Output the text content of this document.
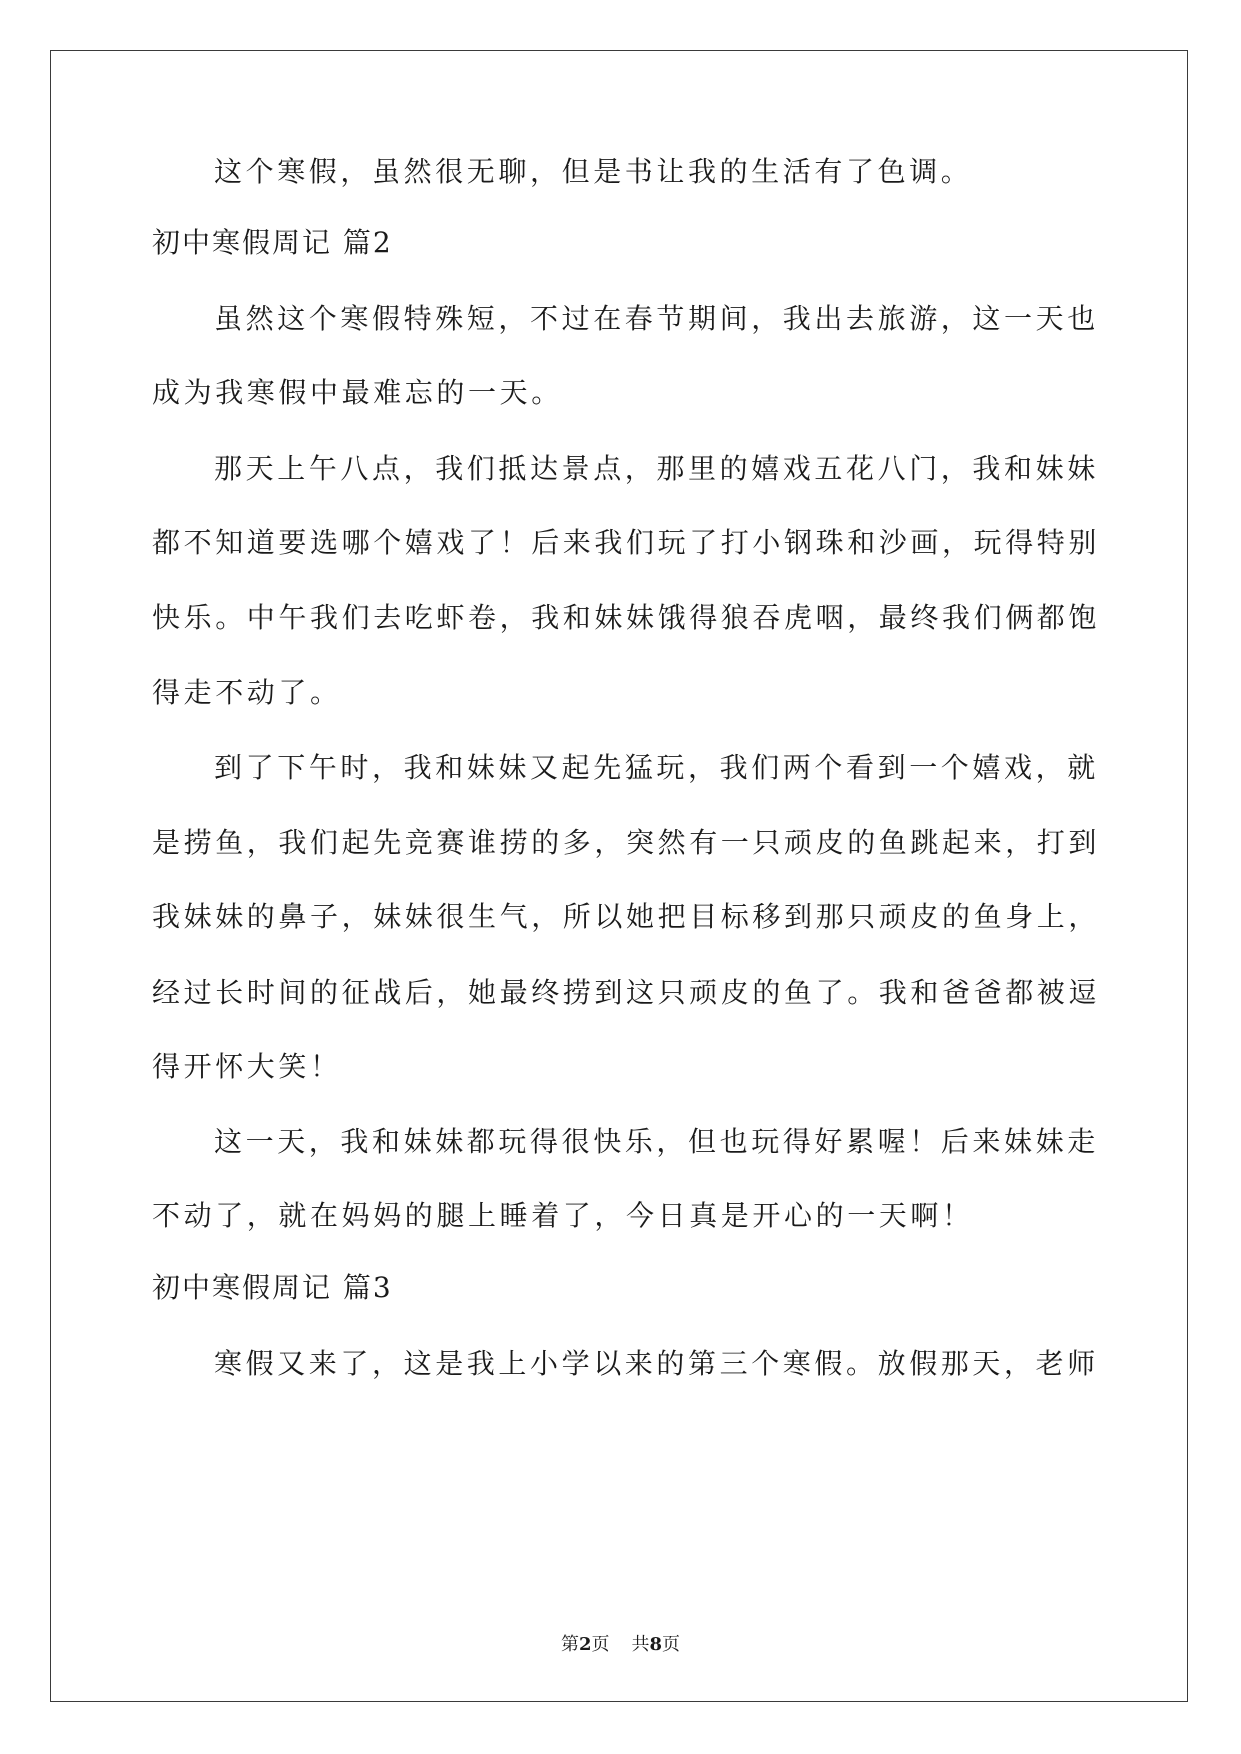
这个寒假，虽然很无聊，但是书让我的生活有了色调。

初中寒假周记 篇2

虽然这个寒假特殊短，不过在春节期间，我出去旅游，这一天也

成为我寒假中最难忘的一天。

那天上午八点，我们抵达景点，那里的嬉戏五花八门，我和妹妹

都不知道要选哪个嬉戏了！后来我们玩了打小钢珠和沙画，玩得特别

快乐。中午我们去吃虾卷，我和妹妹饿得狼吞虎咽，最终我们俩都饱

得走不动了。

到了下午时，我和妹妹又起先猛玩，我们两个看到一个嬉戏，就

是捞鱼，我们起先竞赛谁捞的多，突然有一只顽皮的鱼跳起来，打到

我妹妹的鼻子，妹妹很生气，所以她把目标移到那只顽皮的鱼身上，

经过长时间的征战后，她最终捞到这只顽皮的鱼了。我和爸爸都被逗

得开怀大笑！

这一天，我和妹妹都玩得很快乐，但也玩得好累喔！后来妹妹走

不动了，就在妈妈的腿上睡着了，今日真是开心的一天啊！

初中寒假周记 篇3

寒假又来了，这是我上小学以来的第三个寒假。放假那天，老师

第2页 共8页
